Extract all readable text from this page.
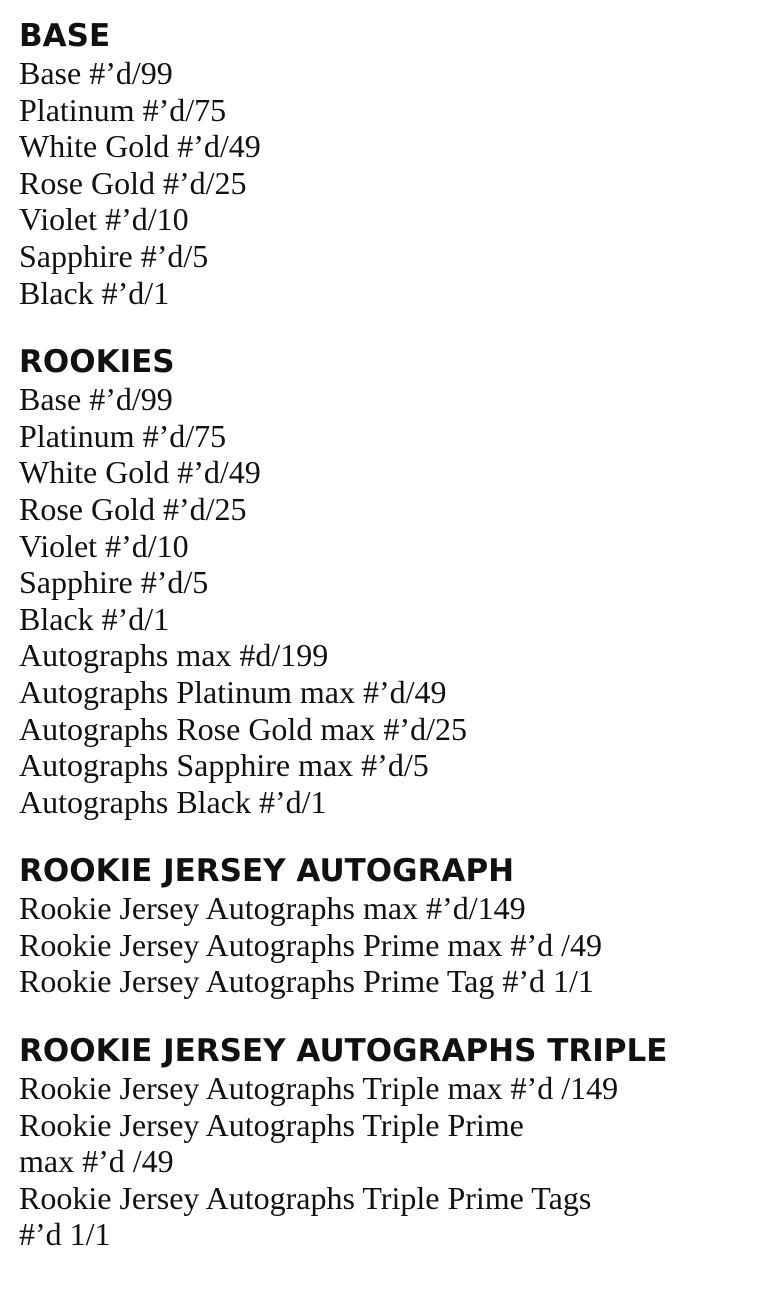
BASE
Base #’d/99
Platinum #’d/75
White Gold #’d/49
Rose Gold #’d/25
Violet #’d/10
Sapphire #’d/5
Black #’d/1
ROOKIES
Base #’d/99
Platinum #’d/75
White Gold #’d/49
Rose Gold #’d/25
Violet #’d/10
Sapphire #’d/5
Black #’d/1
Autographs max #d/199
Autographs Platinum max #’d/49
Autographs Rose Gold max #’d/25
Autographs Sapphire max #’d/5
Autographs Black #’d/1
ROOKIE JERSEY AUTOGRAPH
Rookie Jersey Autographs max #’d/149
Rookie Jersey Autographs Prime max #’d /49
Rookie Jersey Autographs Prime Tag #’d 1/1
ROOKIE JERSEY AUTOGRAPHS TRIPLE
Rookie Jersey Autographs Triple max #’d /149
Rookie Jersey Autographs Triple Prime
max #’d /49
Rookie Jersey Autographs Triple Prime Tags
#’d 1/1
